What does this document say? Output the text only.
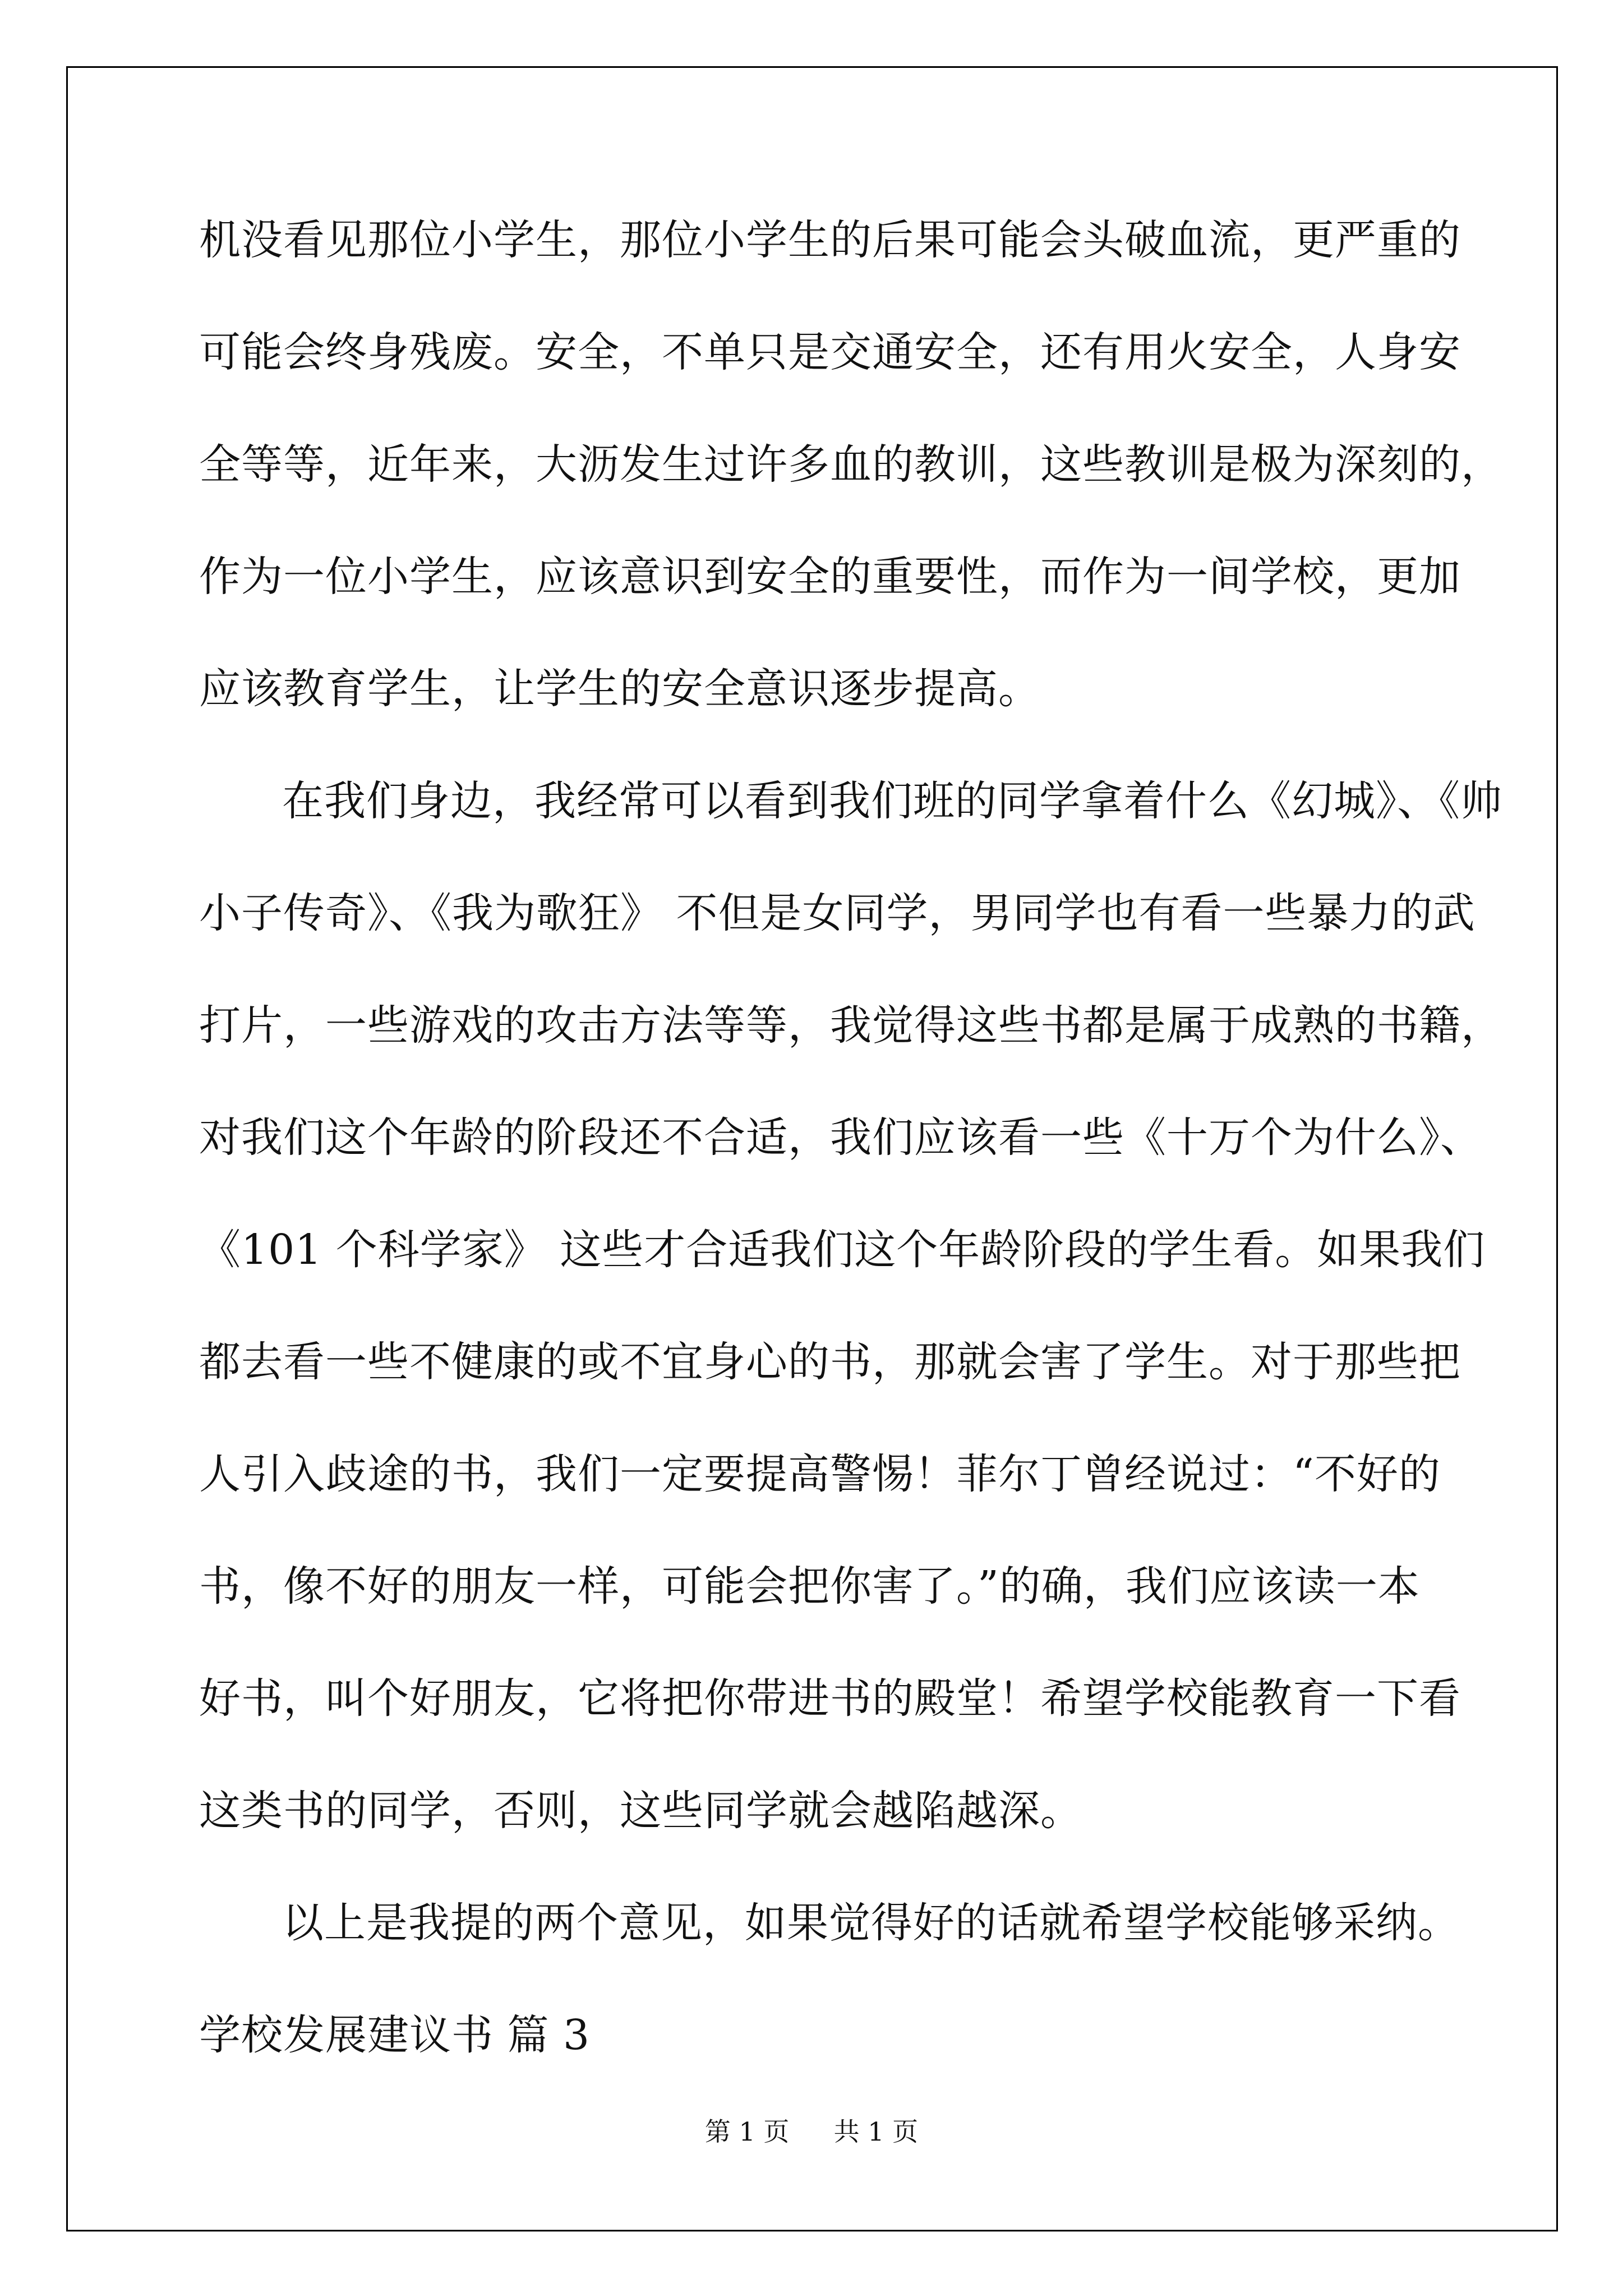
机没看见那位小学生，那位小学生的后果可能会头破血流，更严重的
可能会终身残废。安全，不单只是交通安全，还有用火安全，人身安
全等等，近年来，大沥发生过许多血的教训，这些教训是极为深刻的，
作为一位小学生，应该意识到安全的重要性，而作为一间学校，更加
应该教育学生，让学生的安全意识逐步提高。
在我们身边，我经常可以看到我们班的同学拿着什么《幻城》、《帅
小子传奇》、《我为歌狂》 不但是女同学，男同学也有看一些暴力的武
打片，一些游戏的攻击方法等等，我觉得这些书都是属于成熟的书籍，
对我们这个年龄的阶段还不合适，我们应该看一些《十万个为什么》、
《101 个科学家》 这些才合适我们这个年龄阶段的学生看。如果我们
都去看一些不健康的或不宜身心的书，那就会害了学生。对于那些把
人引入歧途的书，我们一定要提高警惕！菲尔丁曾经说过：“不好的
书，像不好的朋友一样，可能会把你害了。”的确，我们应该读一本
好书，叫个好朋友，它将把你带进书的殿堂！希望学校能教育一下看
这类书的同学，否则，这些同学就会越陷越深。
以上是我提的两个意见，如果觉得好的话就希望学校能够采纳。
学校发展建议书 篇 3
第 1 页 共 1 页
